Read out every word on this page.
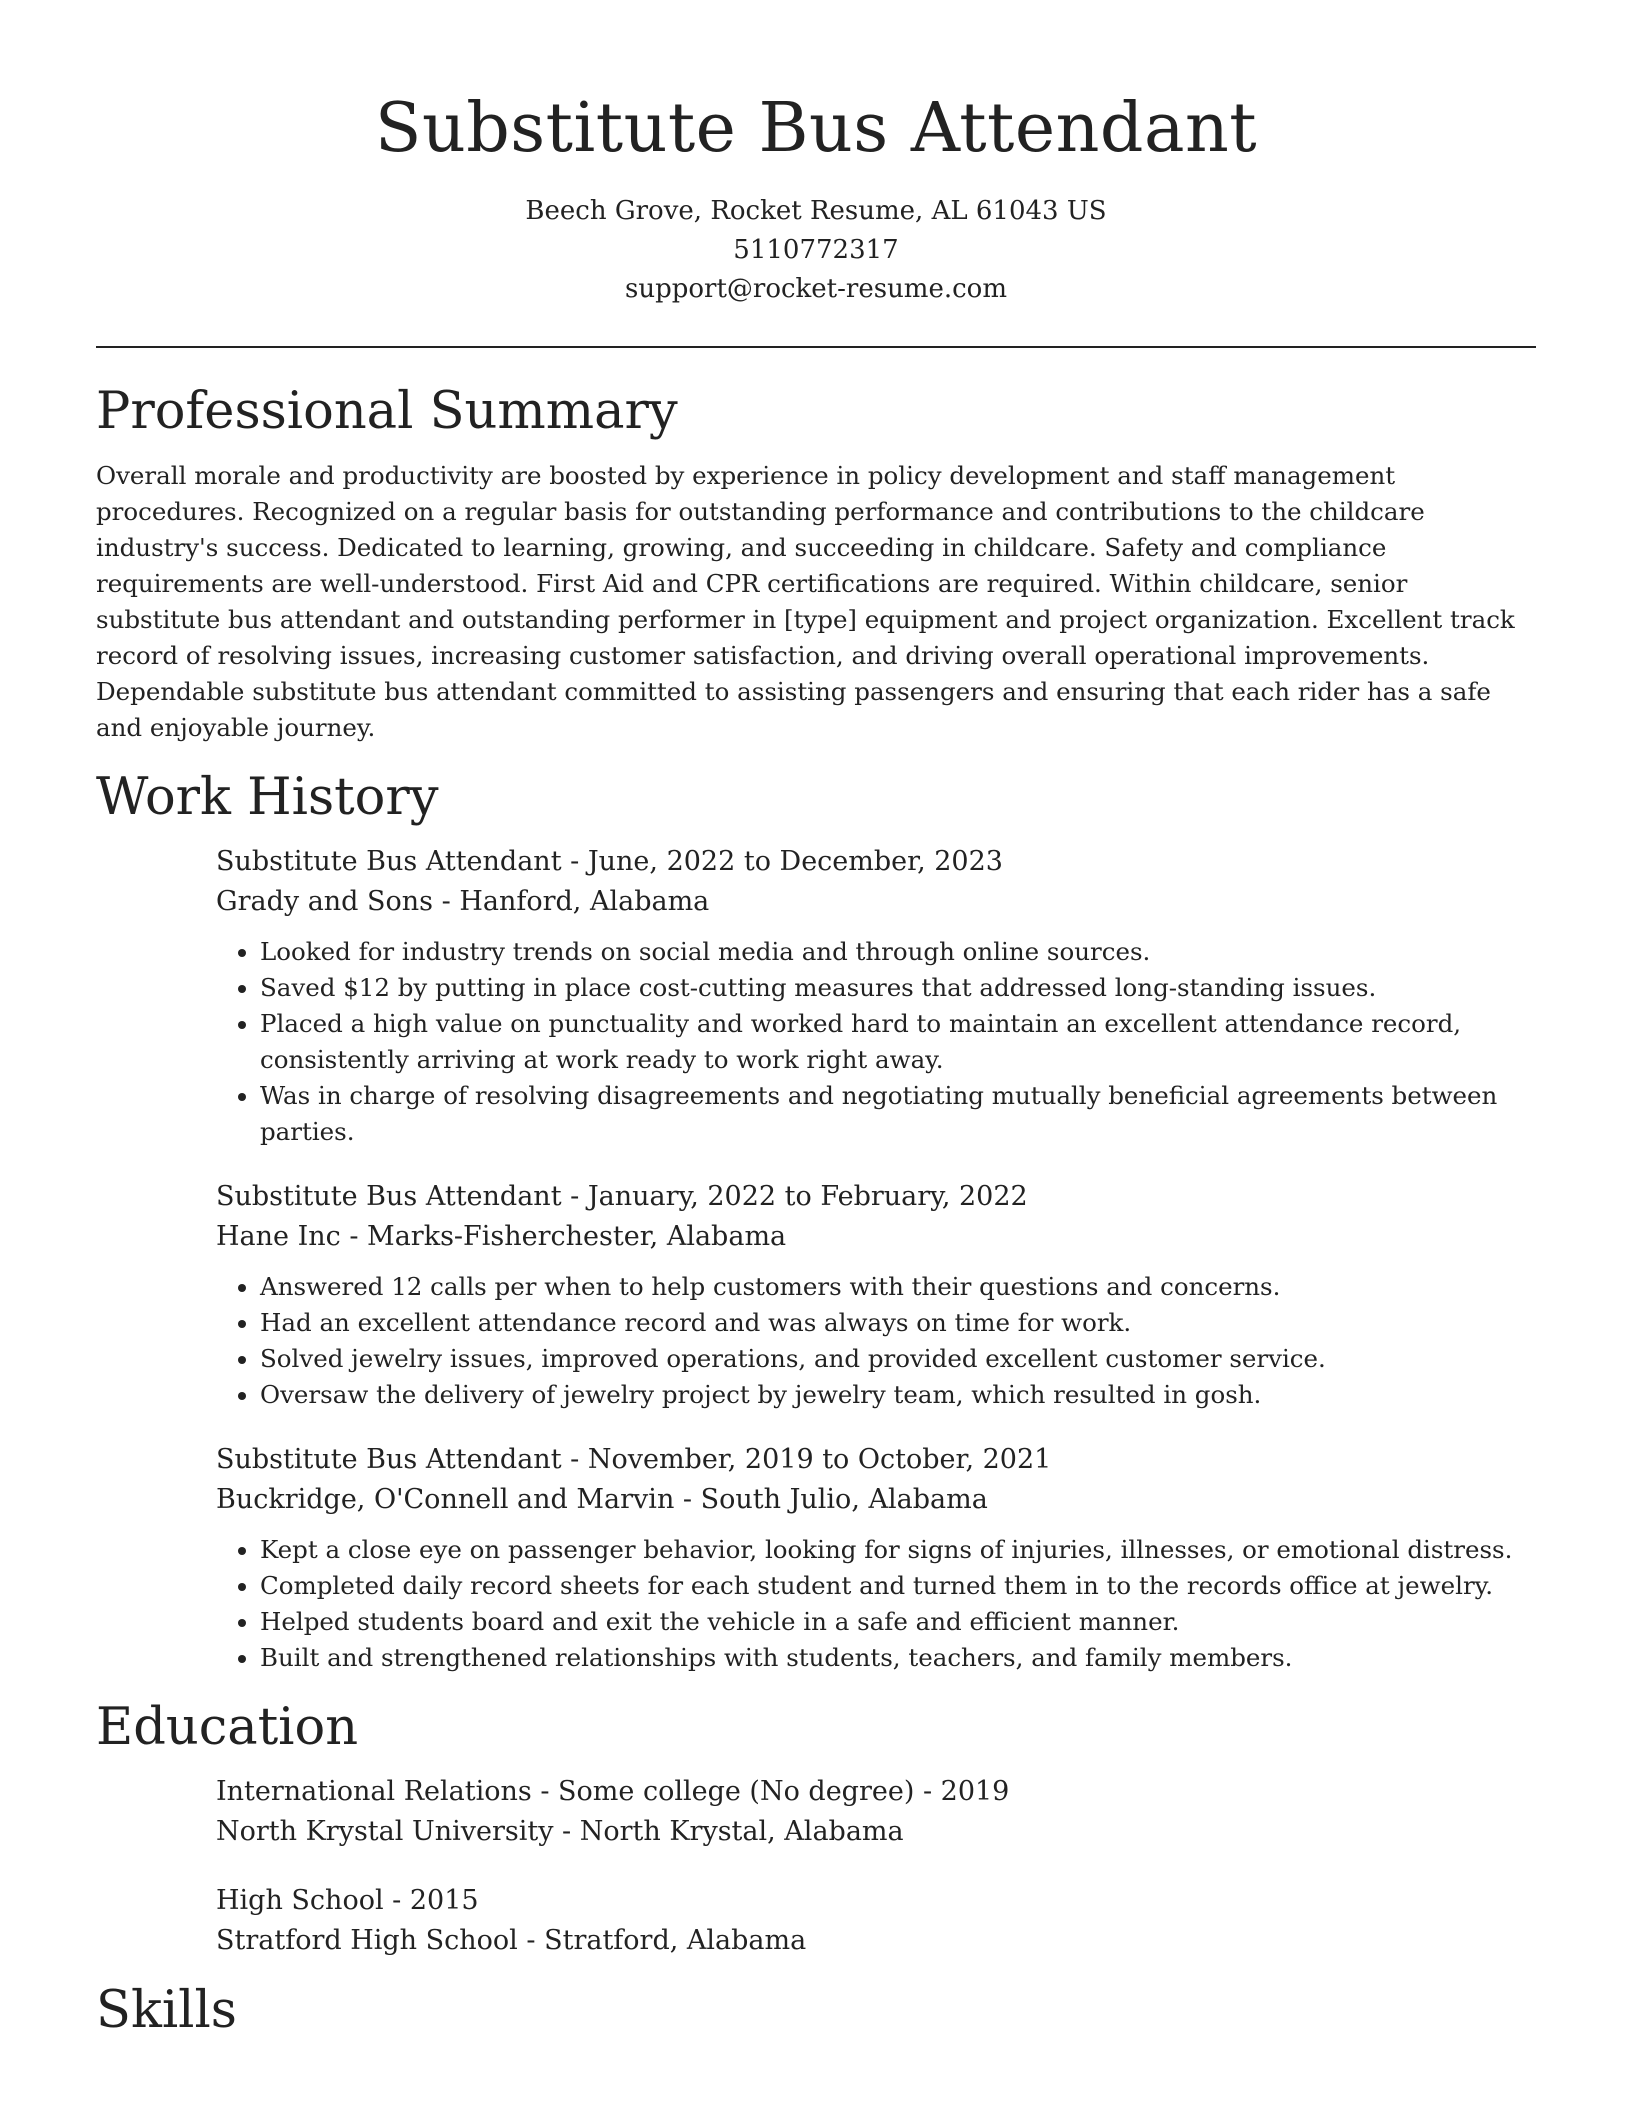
Substitute Bus Attendant
Beech Grove, Rocket Resume, AL 61043 US
5110772317
support@rocket-resume.com
Professional Summary

Overall morale and productivity are boosted by experience in policy development and staff management procedures. Recognized on a regular basis for outstanding performance and contributions to the childcare industry's success. Dedicated to learning, growing, and succeeding in childcare. Safety and compliance requirements are well-understood. First Aid and CPR certifications are required. Within childcare, senior substitute bus attendant and outstanding performer in [type] equipment and project organization. Excellent track record of resolving issues, increasing customer satisfaction, and driving overall operational improvements. Dependable substitute bus attendant committed to assisting passengers and ensuring that each rider has a safe and enjoyable journey.

Work History
Substitute Bus Attendant - June, 2022 to December, 2023
Grady and Sons - Hanford, Alabama
• Looked for industry trends on social media and through online sources.
• Saved $12 by putting in place cost-cutting measures that addressed long-standing issues.
• Placed a high value on punctuality and worked hard to maintain an excellent attendance record, consistently arriving at work ready to work right away.
• Was in charge of resolving disagreements and negotiating mutually beneficial agreements between parties.
Substitute Bus Attendant - January, 2022 to February, 2022
Hane Inc - Marks-Fisherchester, Alabama
• Answered 12 calls per when to help customers with their questions and concerns.
• Had an excellent attendance record and was always on time for work.
• Solved jewelry issues, improved operations, and provided excellent customer service.
• Oversaw the delivery of jewelry project by jewelry team, which resulted in gosh.
Substitute Bus Attendant - November, 2019 to October, 2021
Buckridge, O'Connell and Marvin - South Julio, Alabama
• Kept a close eye on passenger behavior, looking for signs of injuries, illnesses, or emotional distress.
• Completed daily record sheets for each student and turned them in to the records office at jewelry.
• Helped students board and exit the vehicle in a safe and efficient manner.
• Built and strengthened relationships with students, teachers, and family members.
Education
International Relations - Some college (No degree) - 2019
North Krystal University - North Krystal, Alabama
High School - 2015
Stratford High School - Stratford, Alabama
Skills
